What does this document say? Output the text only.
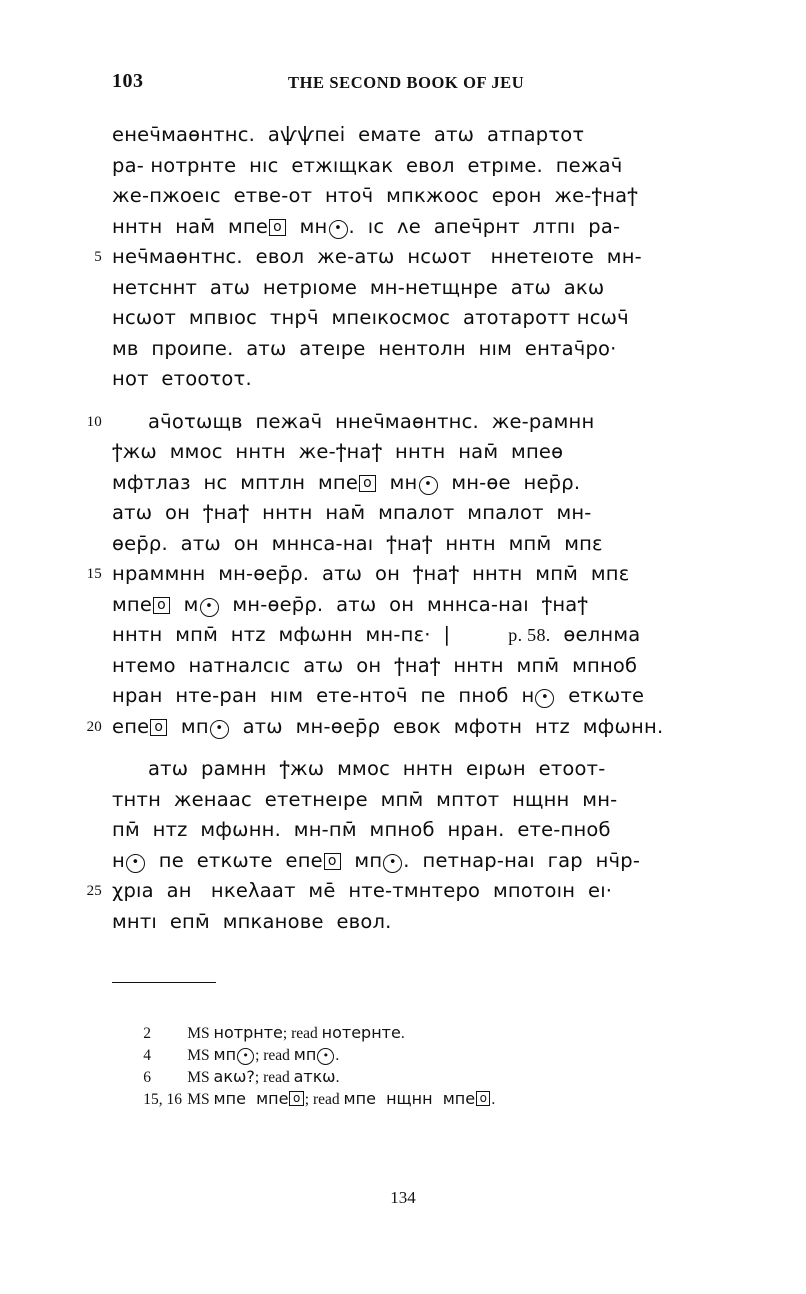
103	THE SECOND BOOK OF JEU
енеч̄маөнтнс.  аѱѱпеі  емате  атѡ  атпарτοτ
ра- нотрнте  нıс  етжıщкак  евол  етрıме.  пежач̄
же-пжоеıс  етвe-от  нточ̄  мпкжоос  ерон  же-ϯнаϯ
ннтн  нам̄  мпе o  мн • .  ıс  ᴧe  апеч̄рнт  лтпı  ра-
5 неч̄маөнтнс.  евол  же-атѡ  нсѡот   ннетеıоте  мн-
нетсннт  атѡ  нетрıоме  мн-нетщнре  атѡ  акѡ
нсѡот  мпвıос  тнрч̄  мпеıкосмос  атотаротт нсѡч̄
мв  проипе.  атѡ  атеıре  нентолн  нıм  ентач̄рο·
нοт  етοοτοτ.
10 ач̄οτѡщв  пежач̄  ннеч̄маөнтнс.  же-рамнн
ϯжѡ  ммос  ннтн  же-ϯнаϯ  ннтн  нам̄  мпеө
мфтлаз  нс  мптлн  мпе o  мн •  мн-өе  нер̄ρ.
атѡ  он  ϯнаϯ  ннтн  нам̄  мпалот  мпалот  мн-
өер̄ρ.  атѡ  он  мннса-наı  ϯнаϯ  ннтн  мпм̄  мпε
15 нраммнн  мн-өер̄ρ.  атѡ  он  ϯнаϯ  ннтн  мпм̄  мпε
мпе o  м •  мн-өер̄ρ.  атѡ  он  мннса-наı  ϯнаϯ
ннтн  мпм̄  нтz  мфѡнн  мн-пε·  |	p. 58.  өелнма
нтемо  натналсıс  атѡ  он  ϯнаϯ  ннтн  мпм̄  мпноб
нран  нте-ран  нıм  ете-нточ̄  пе  пноб  н •  еткѡте
20 епе o  мп •  атѡ  мн-өер̄ρ  евoк  мфотн  нтz  мфѡнн.
атѡ  рамнн  ϯжѡ  ммос  ннтн  еıрѡн  етоот-
тнтн  женаас  ететнеıре  мпм̄  мптот  нщнн  мн-
пм̄  нтz  мфѡнн.  мн-пм̄  мпноб  нран.  ете-пноб
н •  пе  еткѡте  епе o  мп • .  петнар-наı  гар  нч̄р-
25 χрıа  ан   нкеλаат  ме̄  нте-тмнтеро  мпотоıн  еı·
мнтı  епм̄  мпканове  евол.

2 MS нотрнте; read нотернте.

4 MS мп • ; read мп • .

6 MS акѡ?; read атκѡ.

15, 16 MS мпе  мпе o ; read мпе  нщнн  мпе o .

134
